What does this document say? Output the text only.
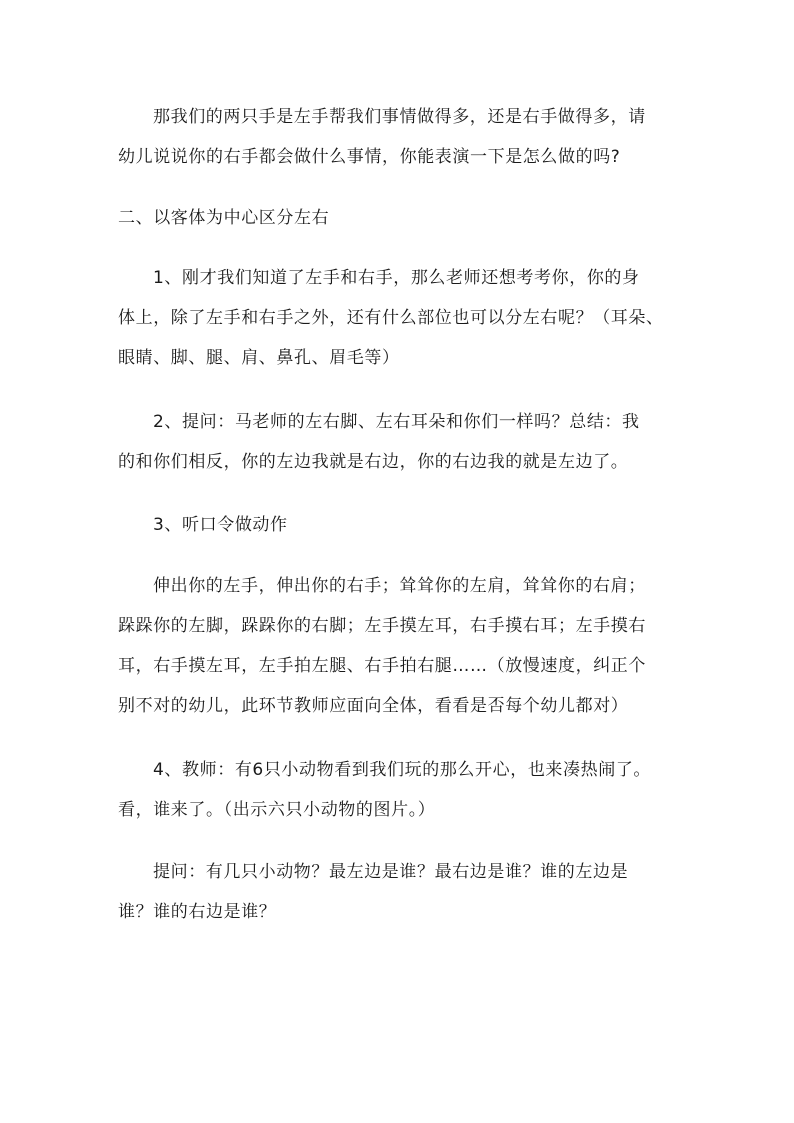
那我们的两只手是左手帮我们事情做得多，还是右手做得多，请
幼儿说说你的右手都会做什么事情，你能表演一下是怎么做的吗?

二、以客体为中心区分左右

1、刚才我们知道了左手和右手，那么老师还想考考你，你的身
体上，除了左手和右手之外，还有什么部位也可以分左右呢？（耳朵、
眼睛、脚、腿、肩、鼻孔、眉毛等）

2、提问：马老师的左右脚、左右耳朵和你们一样吗？总结：我
的和你们相反，你的左边我就是右边，你的右边我的就是左边了。

3、听口令做动作

伸出你的左手，伸出你的右手；耸耸你的左肩，耸耸你的右肩；
跺跺你的左脚，跺跺你的右脚；左手摸左耳，右手摸右耳；左手摸右
耳，右手摸左耳，左手拍左腿、右手拍右腿……（放慢速度，纠正个
别不对的幼儿，此环节教师应面向全体，看看是否每个幼儿都对）

4、教师：有6只小动物看到我们玩的那么开心，也来凑热闹了。
看，谁来了。（出示六只小动物的图片。）

提问：有几只小动物？最左边是谁？最右边是谁？谁的左边是
谁？谁的右边是谁？
